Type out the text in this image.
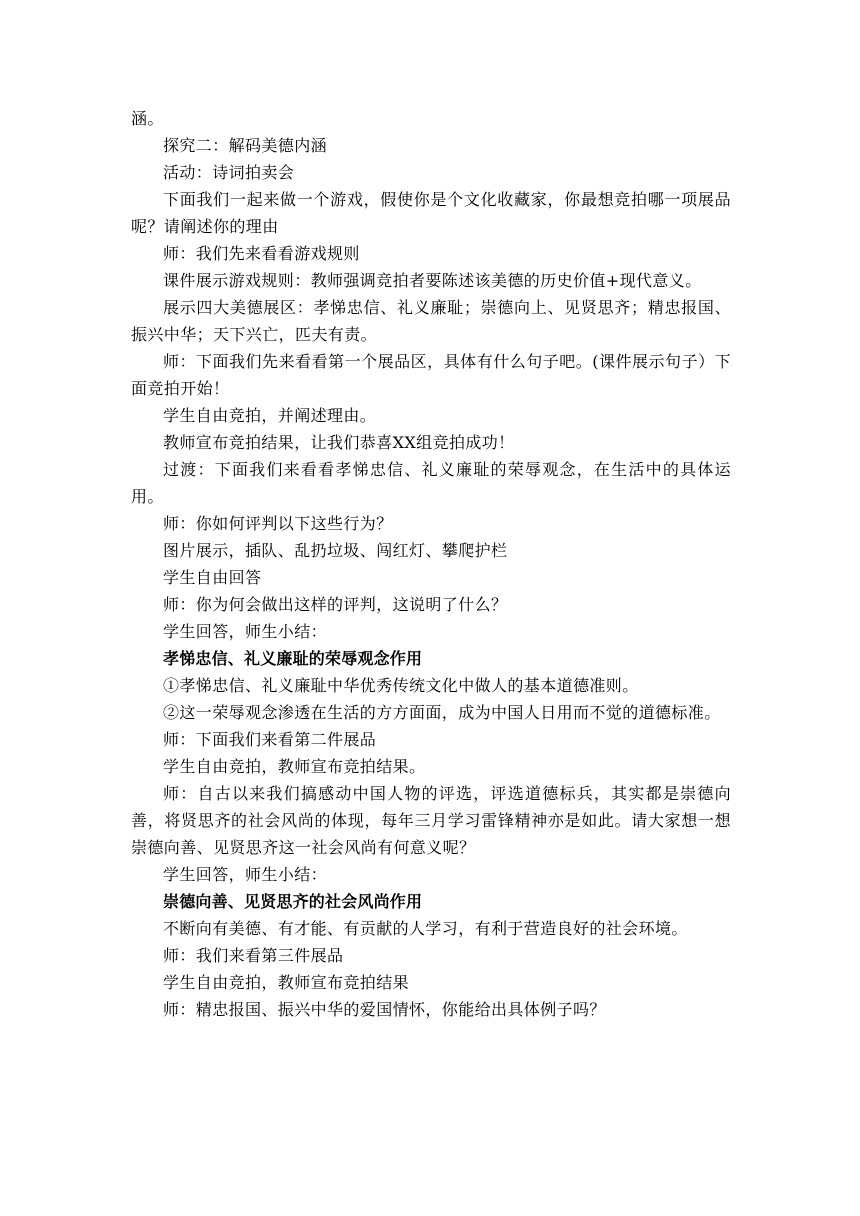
涵。

探究二：解码美德内涵

活动：诗词拍卖会

下面我们一起来做一个游戏，假使你是个文化收藏家，你最想竞拍哪一项展品呢？请阐述你的理由

师：我们先来看看游戏规则

课件展示游戏规则：教师强调竞拍者要陈述该美德的历史价值+现代意义。

展示四大美德展区：孝悌忠信、礼义廉耻；崇德向上、见贤思齐；精忠报国、振兴中华；天下兴亡，匹夫有责。

师：下面我们先来看看第一个展品区，具体有什么句子吧。(课件展示句子）下面竞拍开始！

学生自由竞拍，并阐述理由。

教师宣布竞拍结果，让我们恭喜XX组竞拍成功！

过渡：下面我们来看看孝悌忠信、礼义廉耻的荣辱观念，在生活中的具体运用。

师：你如何评判以下这些行为？

图片展示，插队、乱扔垃圾、闯红灯、攀爬护栏

学生自由回答

师：你为何会做出这样的评判，这说明了什么？

学生回答，师生小结：

孝悌忠信、礼义廉耻的荣辱观念作用

①孝悌忠信、礼义廉耻中华优秀传统文化中做人的基本道德准则。

②这一荣辱观念渗透在生活的方方面面，成为中国人日用而不觉的道德标准。

师：下面我们来看第二件展品

学生自由竞拍，教师宣布竞拍结果。

师：自古以来我们搞感动中国人物的评选，评选道德标兵，其实都是崇德向善，将贤思齐的社会风尚的体现，每年三月学习雷锋精神亦是如此。请大家想一想崇德向善、见贤思齐这一社会风尚有何意义呢？

学生回答，师生小结：

崇德向善、见贤思齐的社会风尚作用

不断向有美德、有才能、有贡献的人学习，有利于营造良好的社会环境。

师：我们来看第三件展品

学生自由竞拍，教师宣布竞拍结果

师：精忠报国、振兴中华的爱国情怀，你能给出具体例子吗？
